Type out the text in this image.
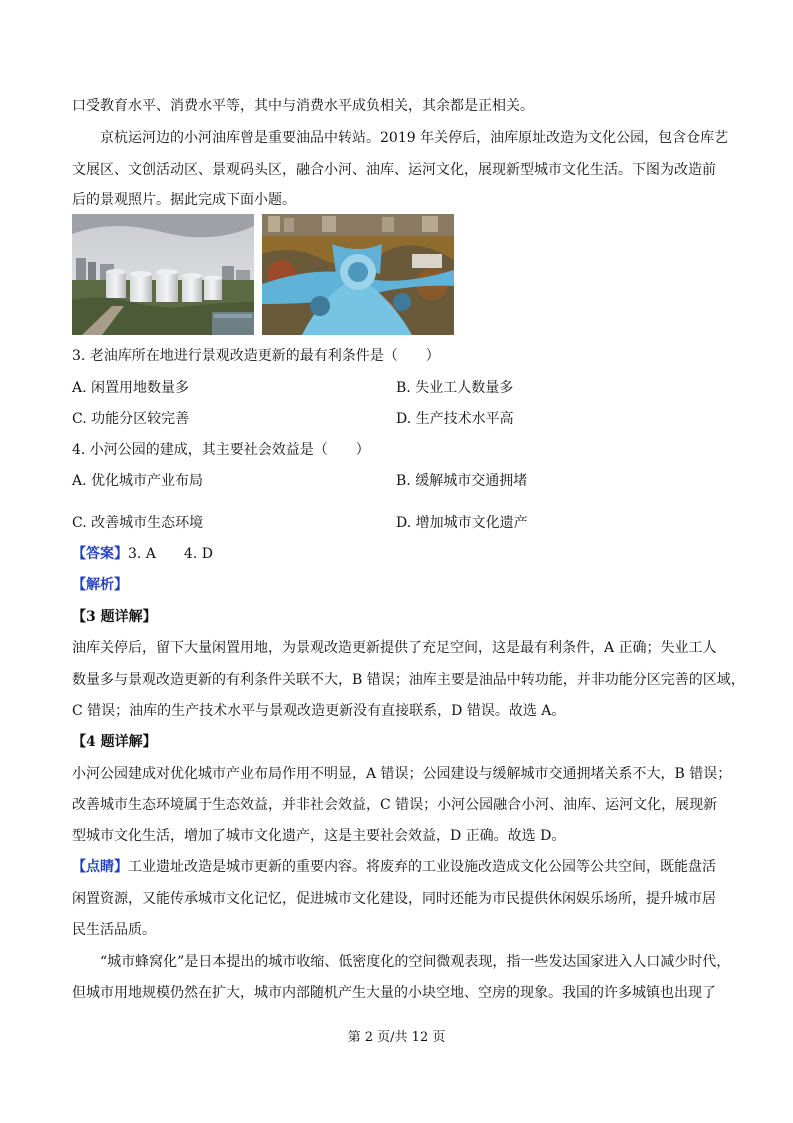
口受教育水平、消费水平等，其中与消费水平成负相关，其余都是正相关。
京杭运河边的小河油库曾是重要油品中转站。2019 年关停后，油库原址改造为文化公园，包含仓库艺
文展区、文创活动区、景观码头区，融合小河、油库、运河文化，展现新型城市文化生活。下图为改造前
后的景观照片。据此完成下面小题。
3. 老油库所在地进行景观改造更新的最有利条件是（　　）
A. 闲置用地数量多	B. 失业工人数量多
C. 功能分区较完善	D. 生产技术水平高
4. 小河公园的建成，其主要社会效益是（　　）
A. 优化城市产业布局	B. 缓解城市交通拥堵
C. 改善城市生态环境	D. 增加城市文化遗产
【答案】3. A　　4. D
【解析】
【3 题详解】
油库关停后，留下大量闲置用地，为景观改造更新提供了充足空间，这是最有利条件，A 正确；失业工人
数量多与景观改造更新的有利条件关联不大，B 错误；油库主要是油品中转功能，并非功能分区完善的区域，
C 错误；油库的生产技术水平与景观改造更新没有直接联系，D 错误。故选 A。
【4 题详解】
小河公园建成对优化城市产业布局作用不明显，A 错误；公园建设与缓解城市交通拥堵关系不大，B 错误；
改善城市生态环境属于生态效益，并非社会效益，C 错误；小河公园融合小河、油库、运河文化，展现新
型城市文化生活，增加了城市文化遗产，这是主要社会效益，D 正确。故选 D。
【点睛】工业遗址改造是城市更新的重要内容。将废弃的工业设施改造成文化公园等公共空间，既能盘活
闲置资源，又能传承城市文化记忆，促进城市文化建设，同时还能为市民提供休闲娱乐场所，提升城市居
民生活品质。
“城市蜂窝化”是日本提出的城市收缩、低密度化的空间微观表现，指一些发达国家进入人口减少时代，
但城市用地规模仍然在扩大，城市内部随机产生大量的小块空地、空房的现象。我国的许多城镇也出现了
第 2 页/共 12 页
